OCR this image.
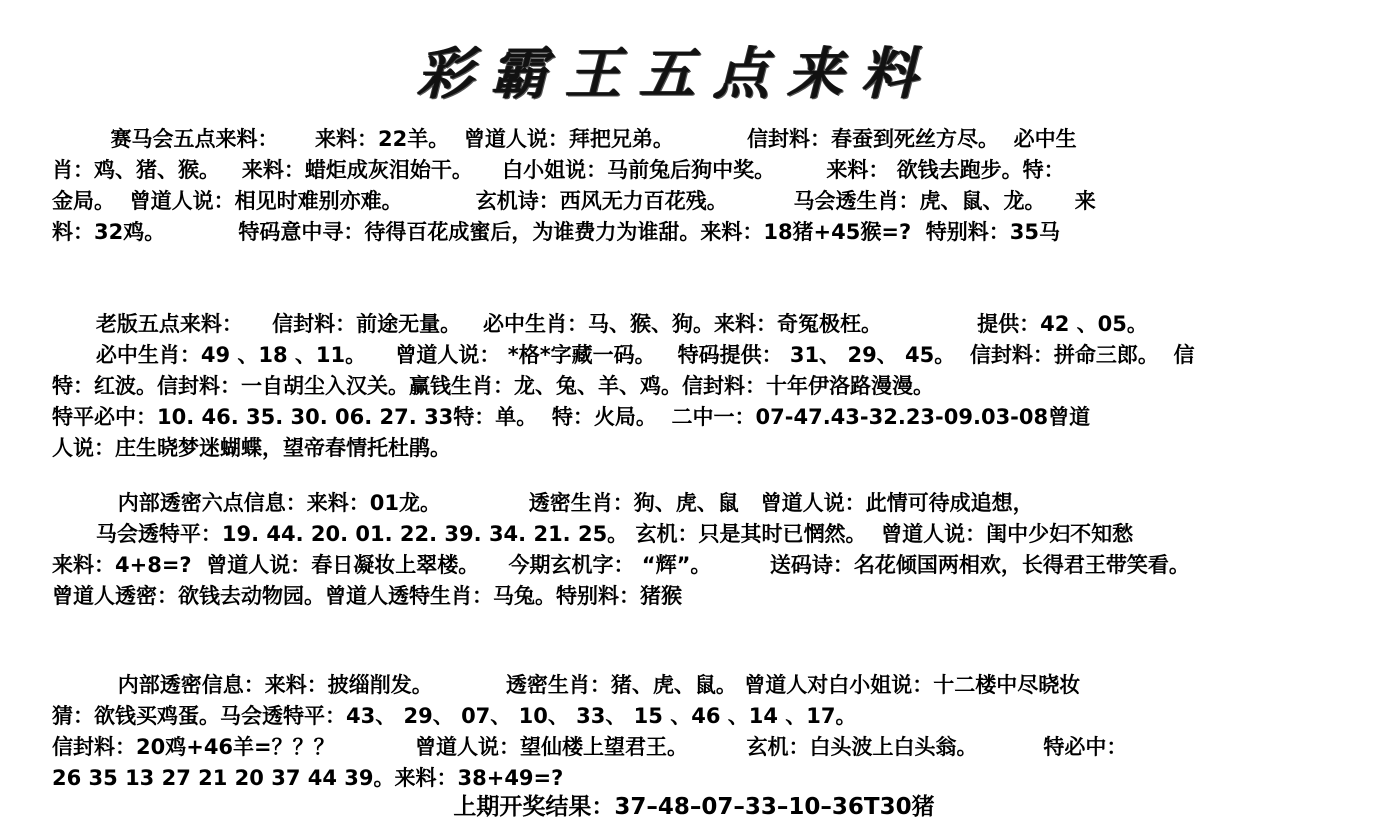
彩霸王五点来料
赛马会五点来料：     来料：22羊。  曾道人说：拜把兄弟。          信封料：春蚕到死丝方尽。  必中生
肖：鸡、猪、猴。   来料：蜡炬成灰泪始干。    白小姐说：马前兔后狗中奖。       来料： 欲钱去跑步。特：
金局。  曾道人说：相见时难别亦难。          玄机诗：西风无力百花残。         马会透生肖：虎、鼠、龙。    来
料：32鸡。          特码意中寻：待得百花成蜜后，为谁费力为谁甜。来料：18猪+45猴=?  特别料：35马
老版五点来料：    信封料：前途无量。   必中生肖：马、猴、狗。来料：奇冤极枉。             提供：42 、05。
必中生肖：49 、18 、11。    曾道人说： *格*字藏一码。   特码提供： 31、 29、 45。  信封料：拼命三郎。  信
特：红波。信封料：一自胡尘入汉关。赢钱生肖：龙、兔、羊、鸡。信封料：十年伊洛路漫漫。
特平必中：10. 46. 35. 30. 06. 27. 33特：单。  特：火局。  二中一：07-47.43-32.23-09.03-08曾道
人说：庄生晓梦迷蝴蝶，望帝春情托杜鹃。
内部透密六点信息：来料：01龙。            透密生肖：狗、虎、鼠   曾道人说：此情可待成追想，
马会透特平：19. 44. 20. 01. 22. 39. 34. 21. 25。 玄机：只是其时已惘然。  曾道人说：闺中少妇不知愁
来料：4+8=?  曾道人说：春日凝妆上翠楼。    今期玄机字： “辉”。        送码诗：名花倾国两相欢，长得君王带笑看。
曾道人透密：欲钱去动物园。曾道人透特生肖：马兔。特别料：猪猴
内部透密信息：来料：披缁削发。          透密生肖：猪、虎、鼠。 曾道人对白小姐说：十二楼中尽晓妆
猜：欲钱买鸡蛋。马会透特平：43、 29、 07、 10、 33、 15 、46 、14 、17。
信封料：20鸡+46羊=？？？           曾道人说：望仙楼上望君王。        玄机：白头波上白头翁。         特必中：
26 35 13 27 21 20 37 44 39。来料：38+49=?
上期开奖结果：37–48–07–33–10–36T30猪
